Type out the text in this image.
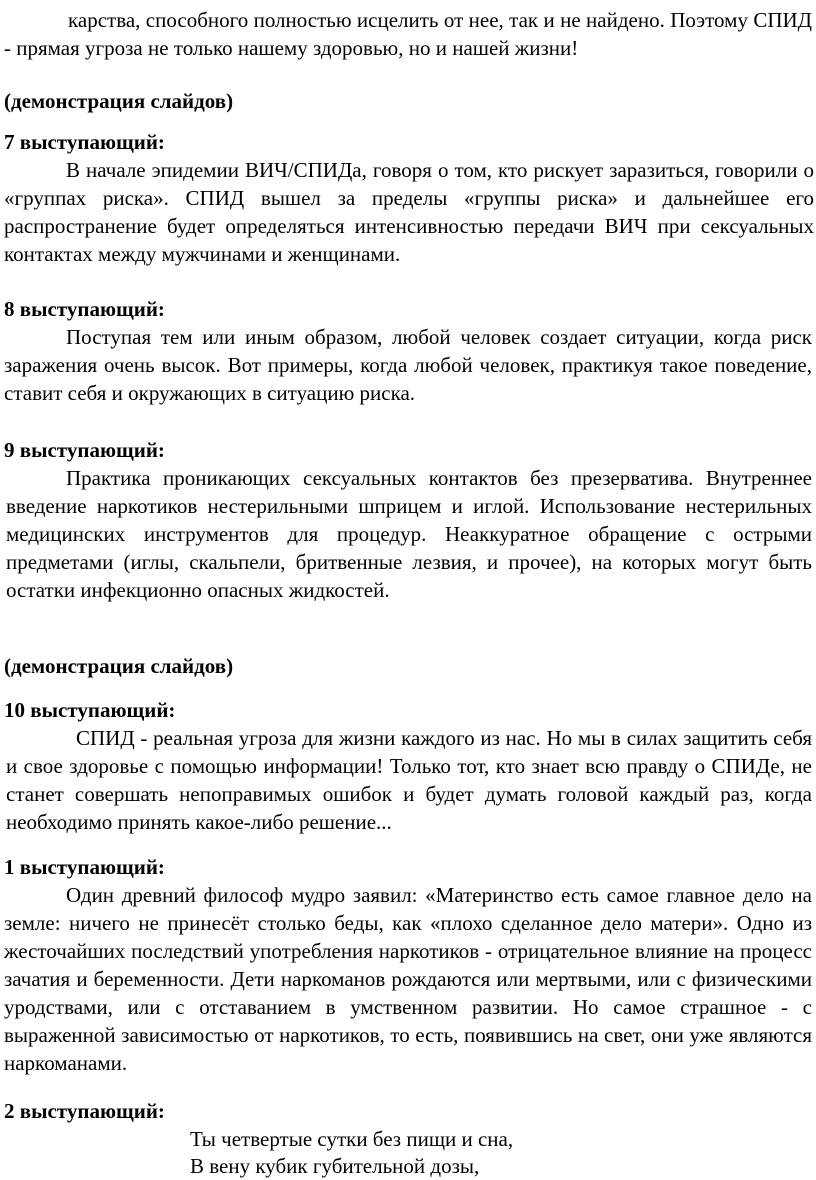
карства, способного полностью исцелить от нее, так и не найдено. Поэтому СПИД - прямая угроза не только нашему здоровью, но и нашей жизни!

(демонстрация слайдов)

7 выступающий:

В начале эпидемии ВИЧ/СПИДа, говоря о том, кто рискует заразиться, говорили о «группах риска». СПИД вышел за пределы «группы риска» и дальнейшее его распространение будет определяться интенсивностью передачи ВИЧ при сексуальных контактах между мужчинами и женщинами.

8 выступающий:

Поступая тем или иным образом, любой человек создает ситуации, когда риск заражения очень высок. Вот примеры, когда любой человек, практикуя такое поведение, ставит себя и окружающих в ситуацию риска.

9 выступающий:

Практика проникающих сексуальных контактов без презерватива. Внутреннее введение наркотиков нестерильными шприцем и иглой. Использование нестерильных медицинских инструментов для процедур. Неаккуратное обращение с острыми предметами (иглы, скальпели, бритвенные лезвия, и прочее), на которых могут быть остатки инфекционно опасных жидкостей.

(демонстрация слайдов)

10 выступающий:

СПИД - реальная угроза для жизни каждого из нас. Но мы в силах защитить себя и свое здоровье с помощью информации! Только тот, кто знает всю правду о СПИДе, не станет совершать непоправимых ошибок и будет думать головой каждый раз, когда необходимо принять какое-либо решение...

1 выступающий:

Один древний философ мудро заявил: «Материнство есть самое главное дело на земле: ничего не принесёт столько беды, как «плохо сделанное дело матери». Одно из жесточайших последствий употребления наркотиков - отрицательное влияние на процесс зачатия и беременности. Дети наркоманов рождаются или мертвыми, или с физическими уродствами, или с отставанием в умственном развитии. Но самое страшное - с выраженной зависимостью от наркотиков, то есть, появившись на свет, они уже являются наркоманами.

2 выступающий:

Ты четвертые сутки без пищи и сна,

В вену кубик губительной дозы,
